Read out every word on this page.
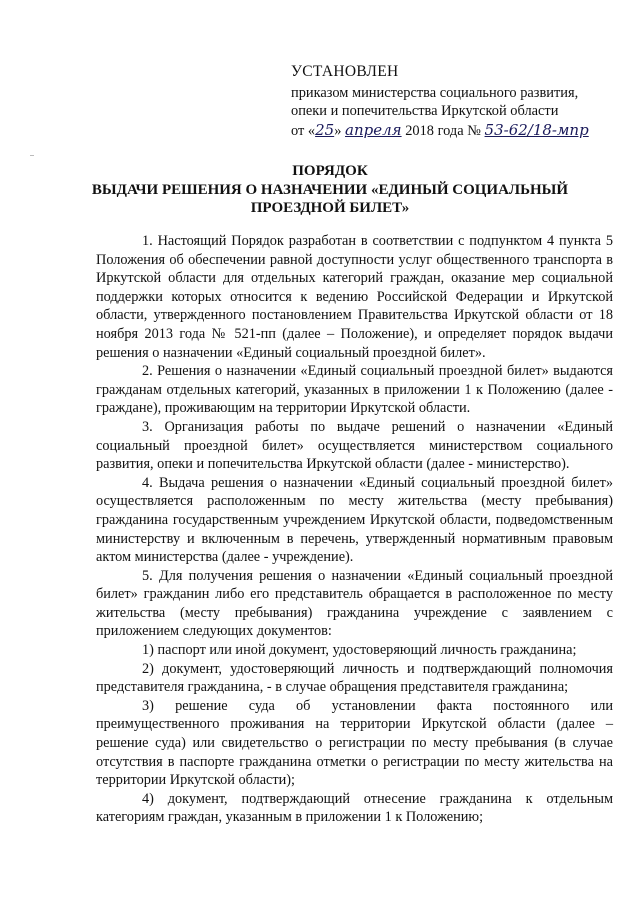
УСТАНОВЛЕН
приказом министерства социального развития,
опеки и попечительства Иркутской области
от «25» апреля 2018 года № 53-62/18-мпр
ПОРЯДОК
ВЫДАЧИ РЕШЕНИЯ О НАЗНАЧЕНИИ «ЕДИНЫЙ СОЦИАЛЬНЫЙ
ПРОЕЗДНОЙ БИЛЕТ»

1. Настоящий Порядок разработан в соответствии с подпунктом 4 пункта 5 Положения об обеспечении равной доступности услуг общественного транспорта в Иркутской области для отдельных категорий граждан, оказание мер социальной поддержки которых относится к ведению Российской Федерации и Иркутской области, утвержденного постановлением Правительства Иркутской области от 18 ноября 2013 года № 521-пп (далее – Положение), и определяет порядок выдачи решения о назначении «Единый социальный проездной билет».

2. Решения о назначении «Единый социальный проездной билет» выдаются гражданам отдельных категорий, указанных в приложении 1 к Положению (далее - граждане), проживающим на территории Иркутской области.

3. Организация работы по выдаче решений о назначении «Единый социальный проездной билет» осуществляется министерством социального развития, опеки и попечительства Иркутской области (далее - министерство).

4. Выдача решения о назначении «Единый социальный проездной билет» осуществляется расположенным по месту жительства (месту пребывания) гражданина государственным учреждением Иркутской области, подведомственным министерству и включенным в перечень, утвержденный нормативным правовым актом министерства (далее - учреждение).

5. Для получения решения о назначении «Единый социальный проездной билет» гражданин либо его представитель обращается в расположенное по месту жительства (месту пребывания) гражданина учреждение с заявлением с приложением следующих документов:

1) паспорт или иной документ, удостоверяющий личность гражданина;

2) документ, удостоверяющий личность и подтверждающий полномочия представителя гражданина, - в случае обращения представителя гражданина;

3) решение суда об установлении факта постоянного или преимущественного проживания на территории Иркутской области (далее – решение суда) или свидетельство о регистрации по месту пребывания (в случае отсутствия в паспорте гражданина отметки о регистрации по месту жительства на территории Иркутской области);

4) документ, подтверждающий отнесение гражданина к отдельным категориям граждан, указанным в приложении 1 к Положению;
